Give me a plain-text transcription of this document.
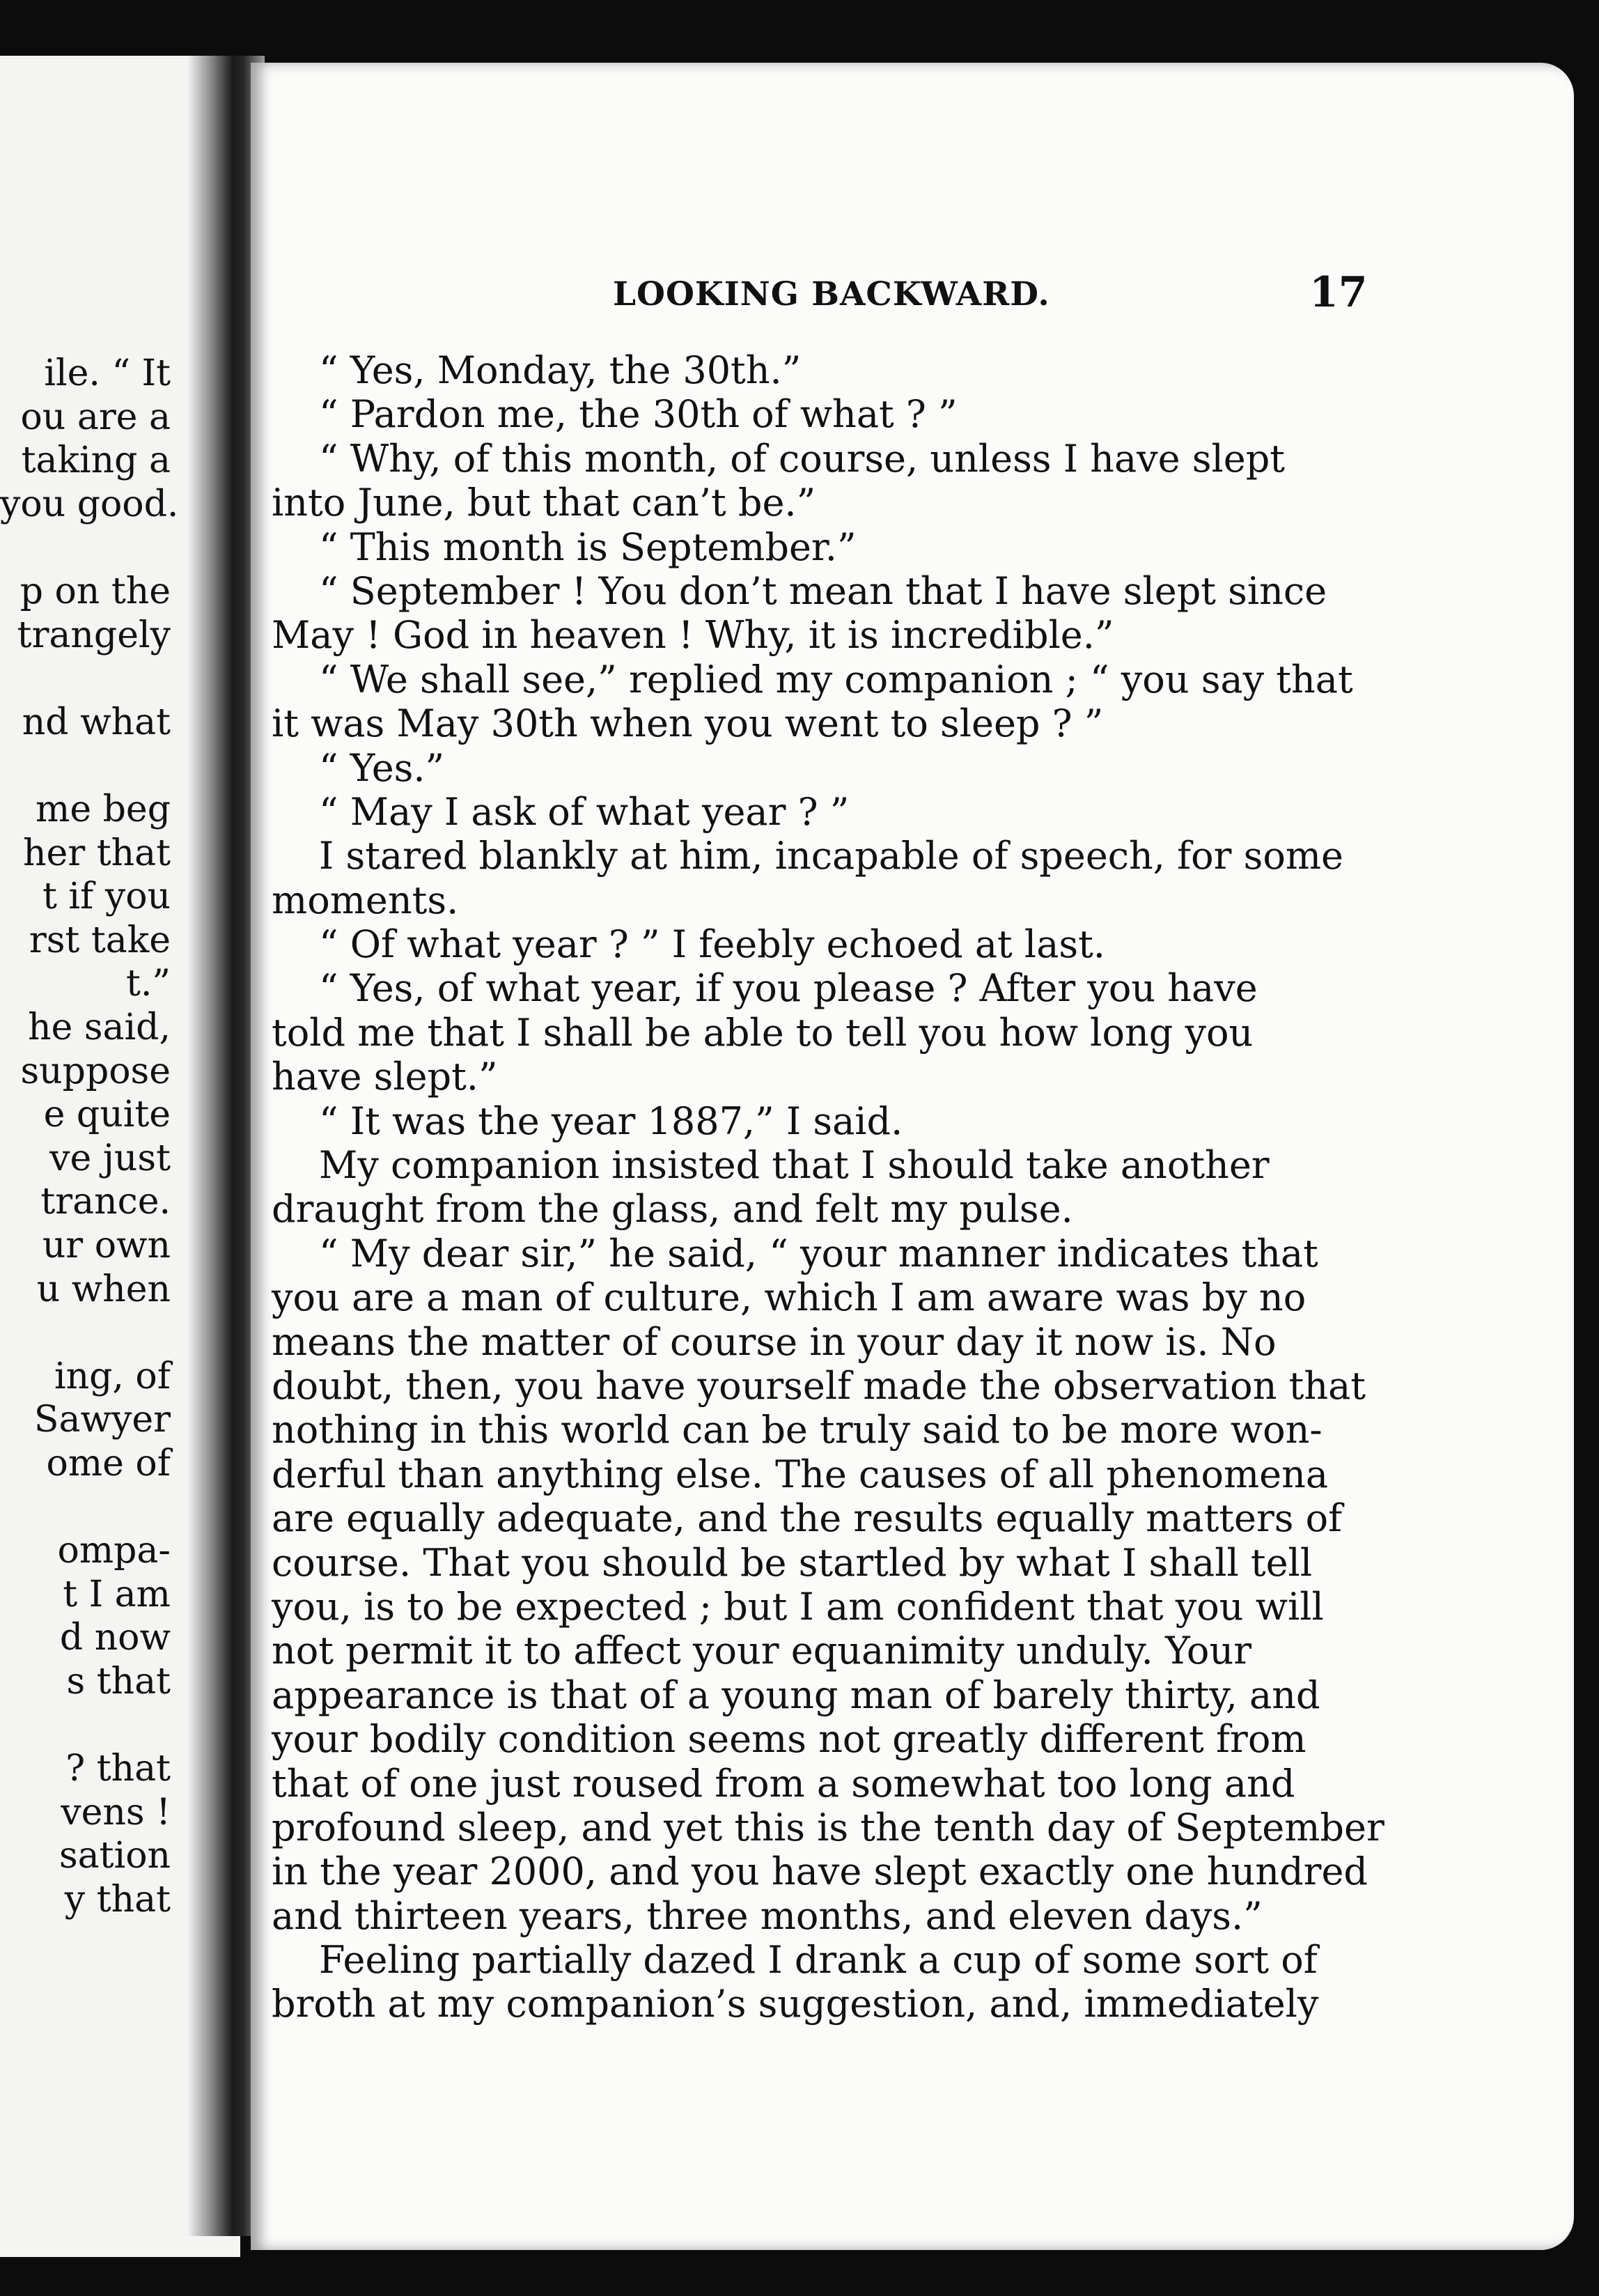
ile. “ It
ou are a
taking a
you good.
p on the
trangely
nd what
me beg
her that
t if you
rst take
t.”
he said,
suppose
e quite
ve just
trance.
ur own
u when
ing, of
Sawyer
ome of
ompa-
t I am
d now
s that
? that
vens !
sation
y that
LOOKING BACKWARD.	17
“ Yes, Monday, the 30th.”
“ Pardon me, the 30th of what ? ”
“ Why, of this month, of course, unless I have slept
into June, but that can’t be.”
“ This month is September.”
“ September ! You don’t mean that I have slept since
May ! God in heaven ! Why, it is incredible.”
“ We shall see,” replied my companion ; “ you say that
it was May 30th when you went to sleep ? ”
“ Yes.”
“ May I ask of what year ? ”
I stared blankly at him, incapable of speech, for some
moments.
“ Of what year ? ” I feebly echoed at last.
“ Yes, of what year, if you please ? After you have
told me that I shall be able to tell you how long you
have slept.”
“ It was the year 1887,” I said.
My companion insisted that I should take another
draught from the glass, and felt my pulse.
“ My dear sir,” he said, “ your manner indicates that
you are a man of culture, which I am aware was by no
means the matter of course in your day it now is. No
doubt, then, you have yourself made the observation that
nothing in this world can be truly said to be more won-
derful than anything else. The causes of all phenomena
are equally adequate, and the results equally matters of
course. That you should be startled by what I shall tell
you, is to be expected ; but I am confident that you will
not permit it to affect your equanimity unduly. Your
appearance is that of a young man of barely thirty, and
your bodily condition seems not greatly different from
that of one just roused from a somewhat too long and
profound sleep, and yet this is the tenth day of September
in the year 2000, and you have slept exactly one hundred
and thirteen years, three months, and eleven days.”
Feeling partially dazed I drank a cup of some sort of
broth at my companion’s suggestion, and, immediately
